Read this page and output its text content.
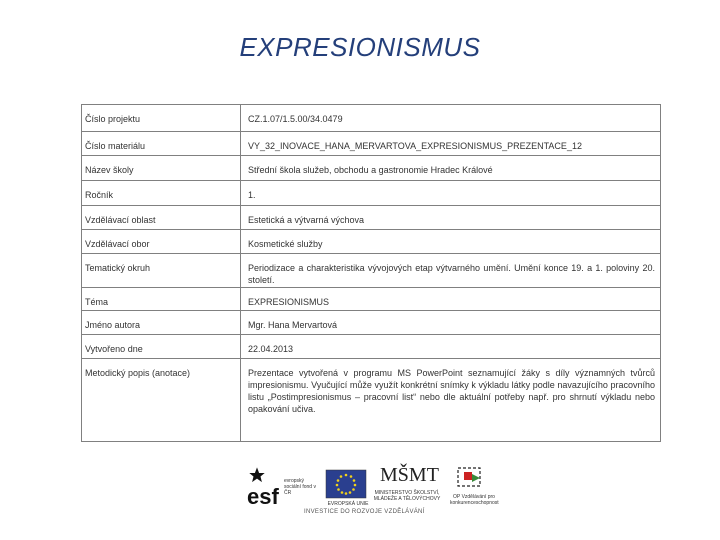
EXPRESIONISMUS
Číslo projektu	CZ.1.07/1.5.00/34.0479
Číslo materiálu	VY_32_INOVACE_HANA_MERVARTOVA_EXPRESIONISMUS_PREZENTACE_12
Název školy	Střední škola služeb, obchodu a gastronomie Hradec Králové
Ročník	1.
Vzdělávací oblast	Estetická a výtvarná výchova
Vzdělávací obor	Kosmetické služby
Tematický okruh	Periodizace a charakteristika vývojových etap výtvarného umění. Umění konce 19. a 1. poloviny 20. století.
Téma	EXPRESIONISMUS
Jméno autora	Mgr. Hana Mervartová
Vytvořeno dne	22.04.2013
Metodický popis (anotace)	Prezentace vytvořená v programu MS PowerPoint seznamující žáky s díly významných tvůrců impresionismu. Vyučující může využít konkrétní snímky k výkladu látky podle navazujícího pracovního listu „Postimpresionismus – pracovní list“ nebo dle aktuální potřeby např. pro shrnutí výkladu nebo opakování učiva.
esf
evropský sociální fond v ČR
EVROPSKÁ UNIE
MŠMT
MINISTERSTVO ŠKOLSTVÍ, MLÁDEŽE A TĚLOVÝCHOVY	OP Vzdělávání pro konkurenceschopnost
INVESTICE DO ROZVOJE VZDĚLÁVÁNÍ
